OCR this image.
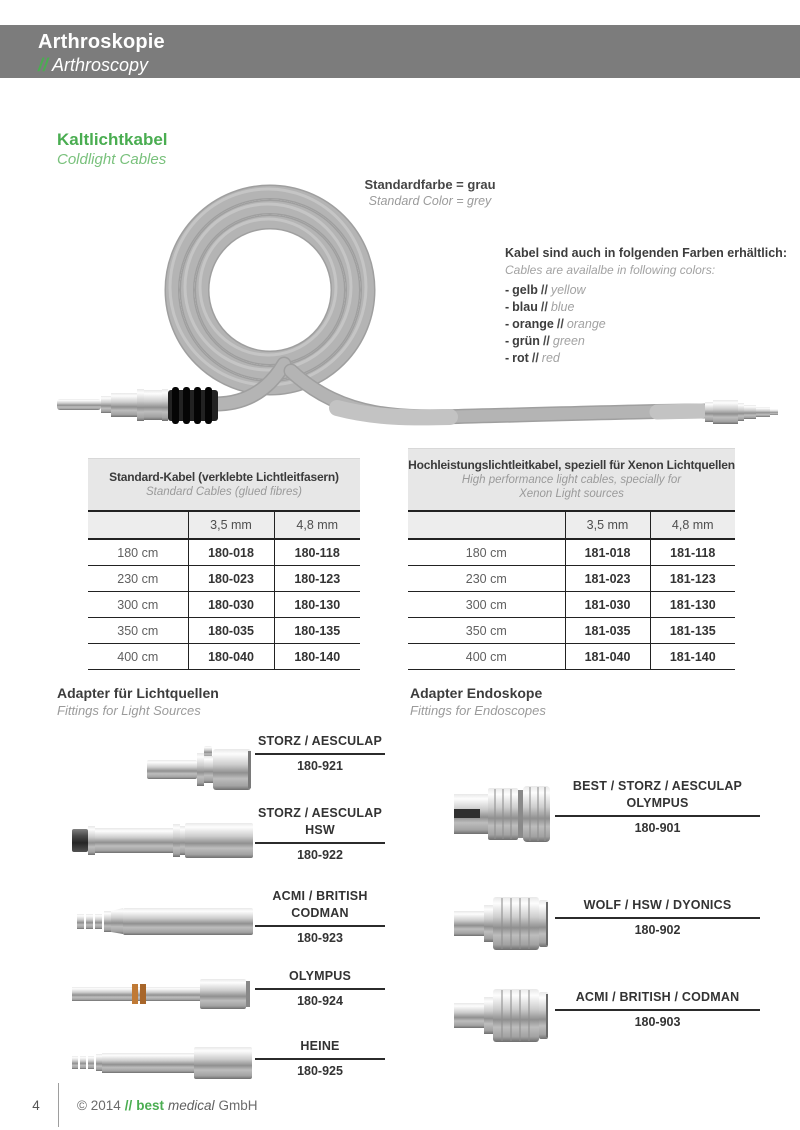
Arthroskopie
// Arthroscopy
Kaltlichtkabel
Coldlight Cables
Standardfarbe = grau
Standard Color = grey
Kabel sind auch in folgenden Farben erhältlich:
Cables are availalbe in following colors:
- gelb // yellow
- blau // blue
- orange // orange
- grün // green
- rot // red
Standard-Kabel (verklebte Lichtleitfasern)
Standard Cables (glued fibres)
	3,5 mm	4,8 mm
180 cm	180-018	180-118
230 cm	180-023	180-123
300 cm	180-030	180-130
350 cm	180-035	180-135
400 cm	180-040	180-140
Hochleistungslichtleitkabel, speziell für Xenon Lichtquellen
High performance light cables, specially for
Xenon Light sources
	3,5 mm	4,8 mm
180 cm	181-018	181-118
230 cm	181-023	181-123
300 cm	181-030	181-130
350 cm	181-035	181-135
400 cm	181-040	181-140
Adapter für Lichtquellen
Fittings for Light Sources
Adapter Endoskope
Fittings for Endoscopes
STORZ / AESCULAP
180-921
STORZ / AESCULAP
HSW
180-922
ACMI / BRITISH
CODMAN
180-923
OLYMPUS
180-924
HEINE
180-925
BEST / STORZ / AESCULAP
OLYMPUS
180-901
WOLF / HSW / DYONICS
180-902
ACMI / BRITISH / CODMAN
180-903
4	© 2014 // best medical GmbH
